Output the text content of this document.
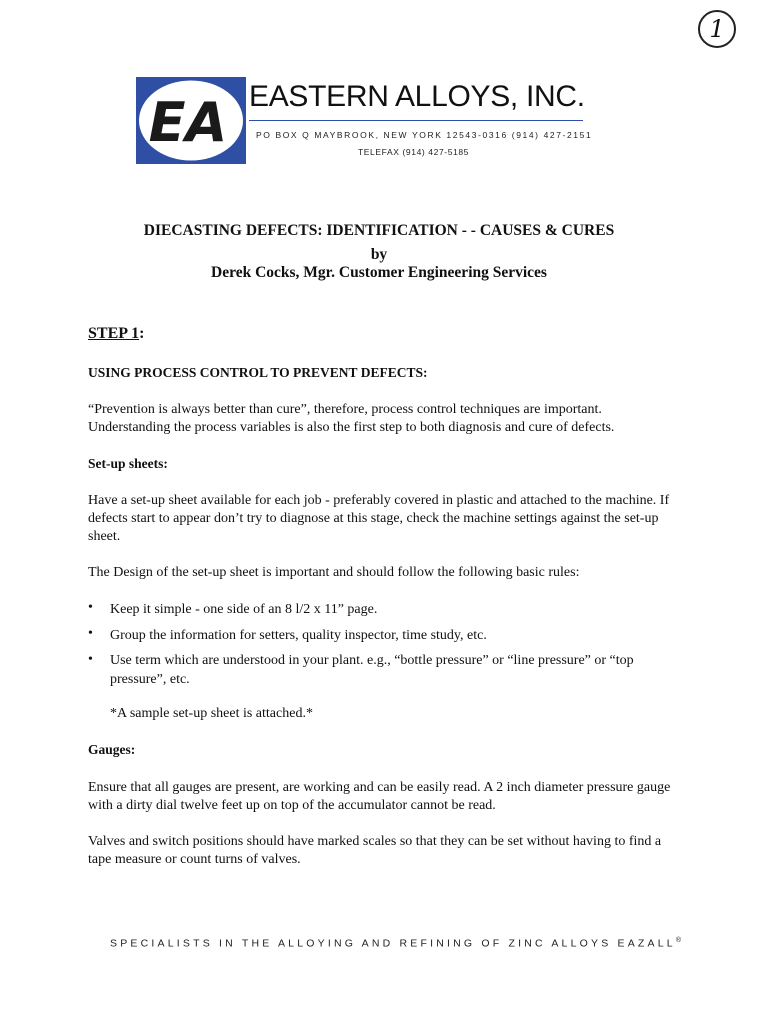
1
EA EASTERN ALLOYS, INC.
PO BOX Q MAYBROOK, NEW YORK 12543-0316 (914) 427-2151
TELEFAX (914) 427-5185
DIECASTING DEFECTS: IDENTIFICATION - - CAUSES & CURES
by
Derek Cocks, Mgr. Customer Engineering Services
STEP 1:
USING PROCESS CONTROL TO PREVENT DEFECTS:
“Prevention is always better than cure”, therefore, process control techniques are important. Understanding the process variables is also the first step to both diagnosis and cure of defects.
Set-up sheets:
Have a set-up sheet available for each job - preferably covered in plastic and attached to the machine. If defects start to appear don’t try to diagnose at this stage, check the machine settings against the set-up sheet.
The Design of the set-up sheet is important and should follow the following basic rules:
• Keep it simple - one side of an 8 l/2 x 11” page.
• Group the information for setters, quality inspector, time study, etc.
• Use term which are understood in your plant. e.g., “bottle pressure” or “line pressure” or “top pressure”, etc.
*A sample set-up sheet is attached.*
Gauges:
Ensure that all gauges are present, are working and can be easily read. A 2 inch diameter pressure gauge with a dirty dial twelve feet up on top of the accumulator cannot be read.
Valves and switch positions should have marked scales so that they can be set without having to find a tape measure or count turns of valves.
SPECIALISTS IN THE ALLOYING AND REFINING OF ZINC ALLOYS EAZALL®
